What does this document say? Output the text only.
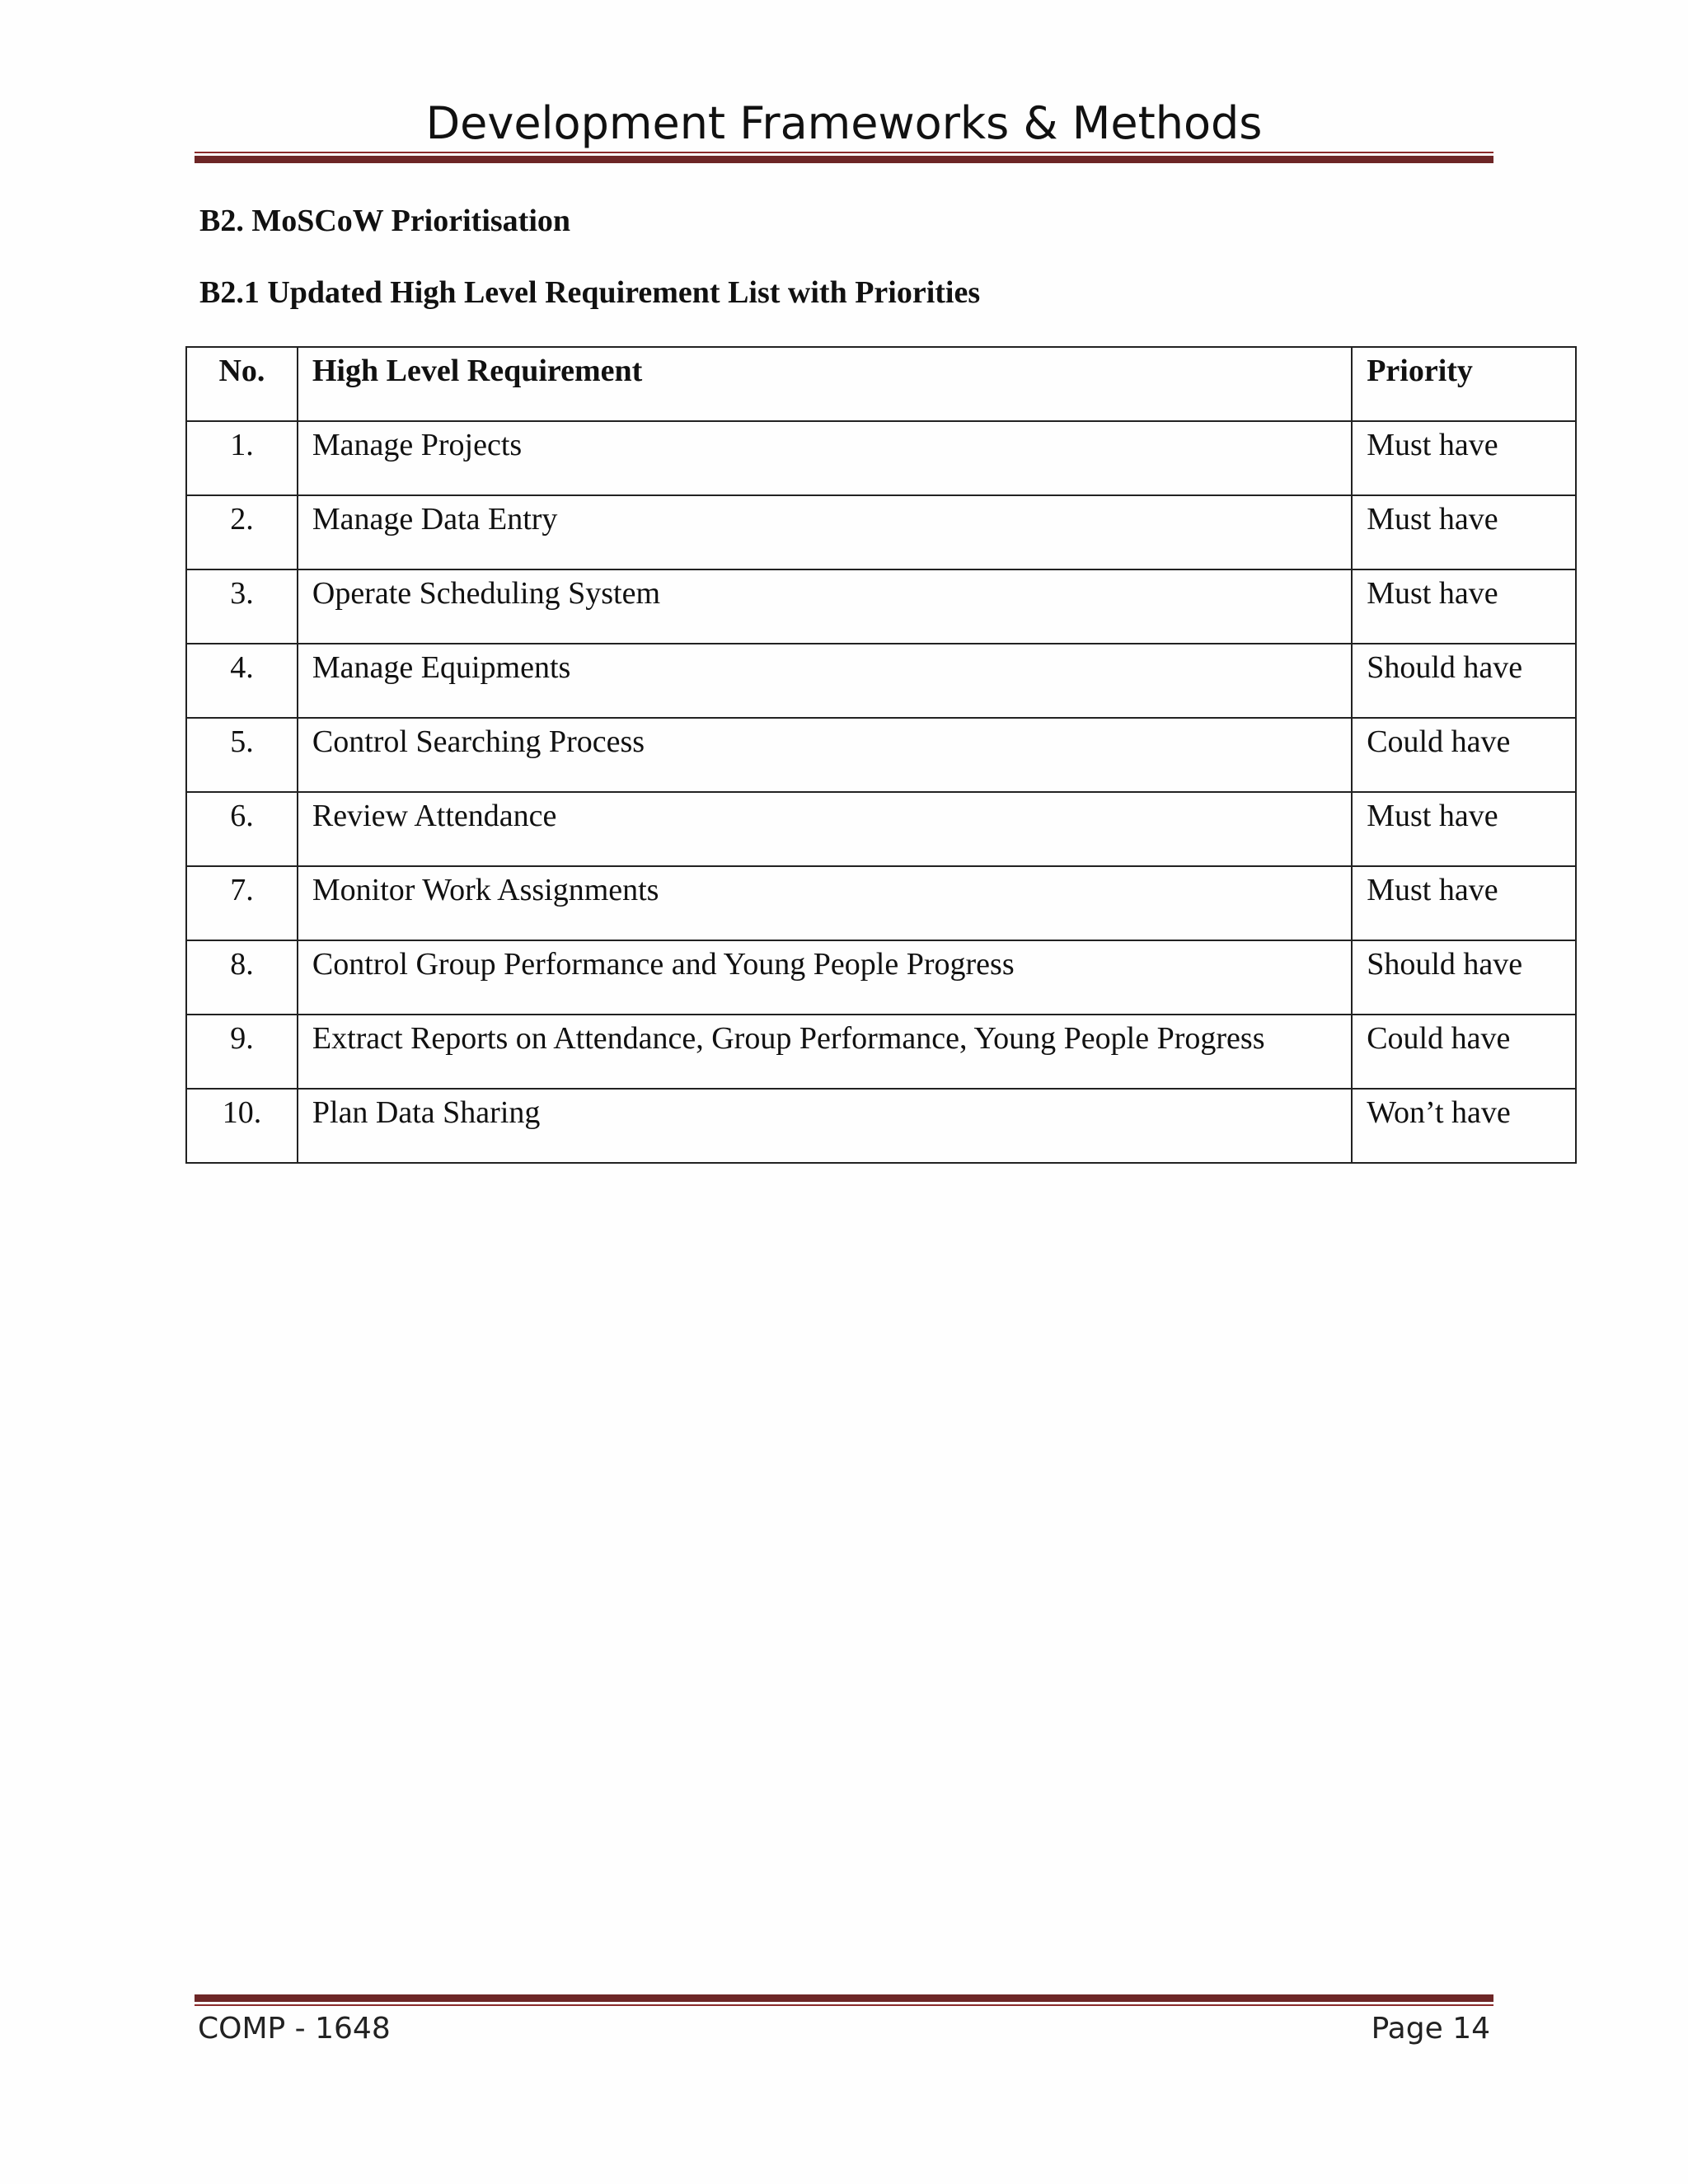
Development Frameworks & Methods
B2. MoSCoW Prioritisation
B2.1 Updated High Level Requirement List with Priorities
No.	High Level Requirement	Priority

1.	Manage Projects	Must have

2.	Manage Data Entry	Must have

3.	Operate Scheduling System	Must have

4.	Manage Equipments	Should have

5.	Control Searching Process	Could have

6.	Review Attendance	Must have

7.	Monitor Work Assignments	Must have

8.	Control Group Performance and Young People Progress	Should have

9.	Extract Reports on Attendance, Group Performance, Young People Progress	Could have

10.	Plan Data Sharing	Won’t have
COMP - 1648	Page 14
